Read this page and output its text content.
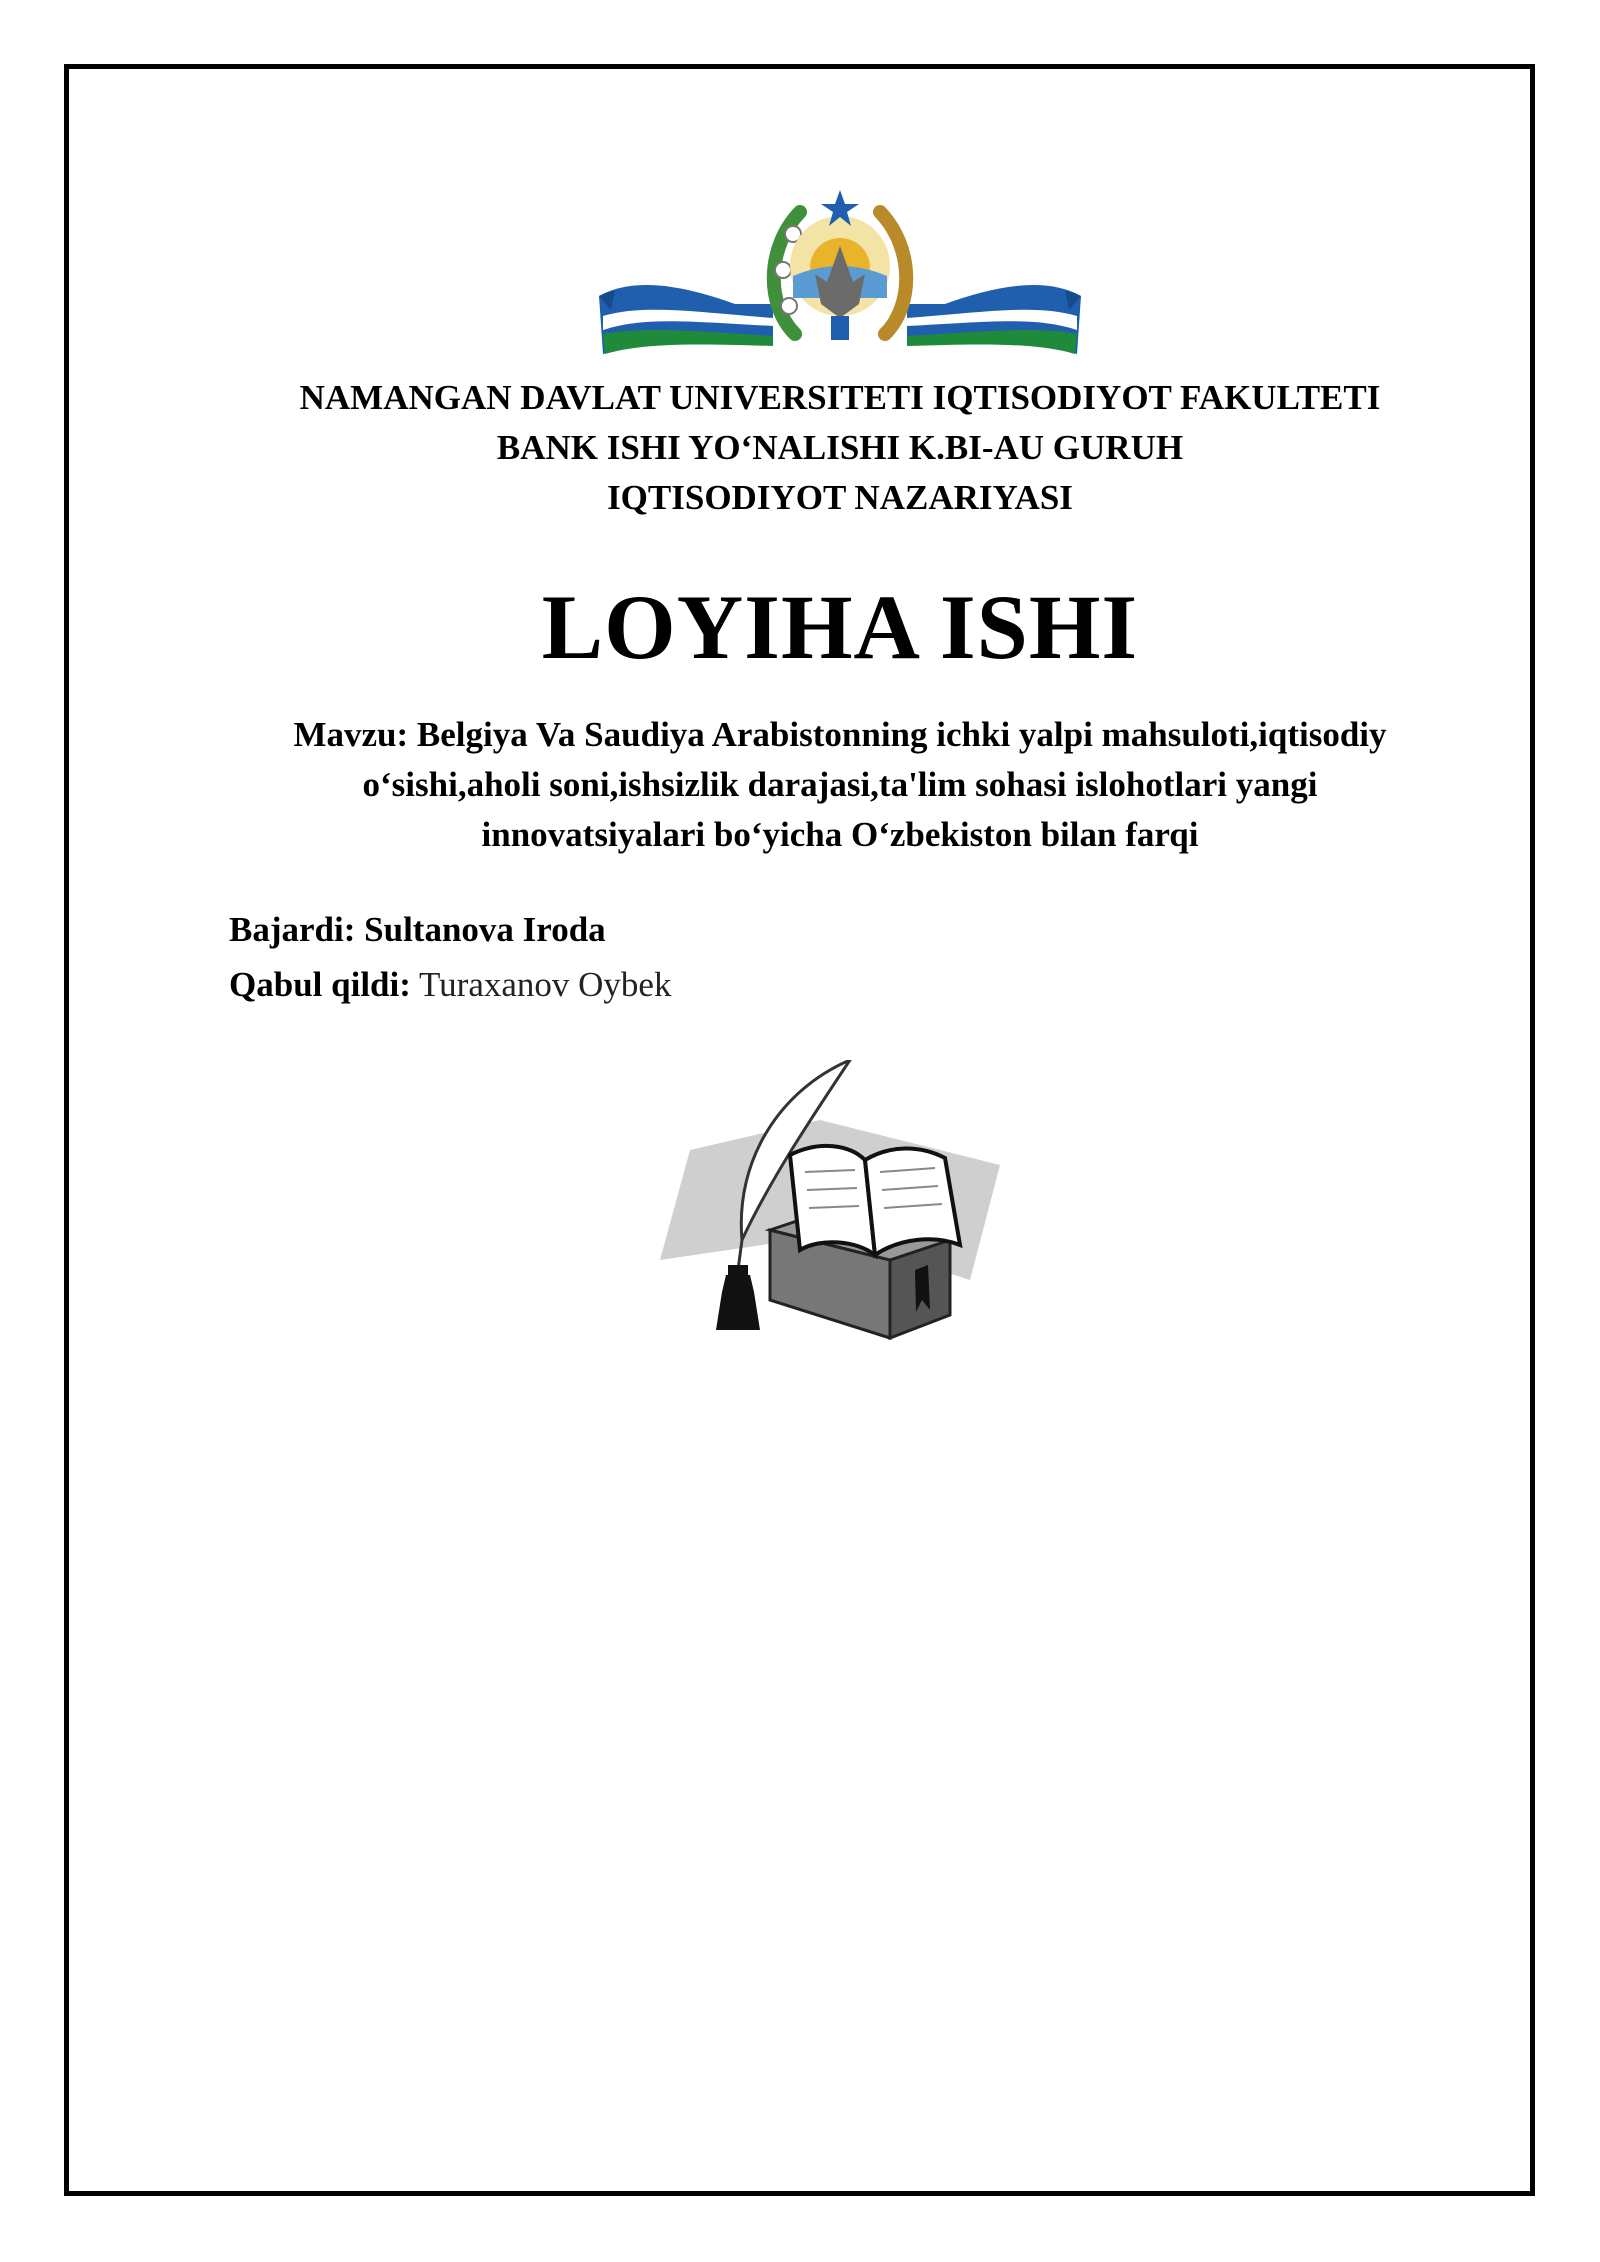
NAMANGAN DAVLAT UNIVERSITETI IQTISODIYOT FAKULTETI
BANK ISHI YO‘NALISHI K.BI-AU GURUH
IQTISODIYOT NAZARIYASI
LOYIHA ISHI
Mavzu: Belgiya Va Saudiya Arabistonning ichki yalpi mahsuloti,iqtisodiy
o‘sishi,aholi soni,ishsizlik darajasi,ta'lim sohasi islohotlari yangi
innovatsiyalari bo‘yicha O‘zbekiston bilan farqi
Bajardi: Sultanova Iroda
Qabul qildi: Turaxanov Oybek
